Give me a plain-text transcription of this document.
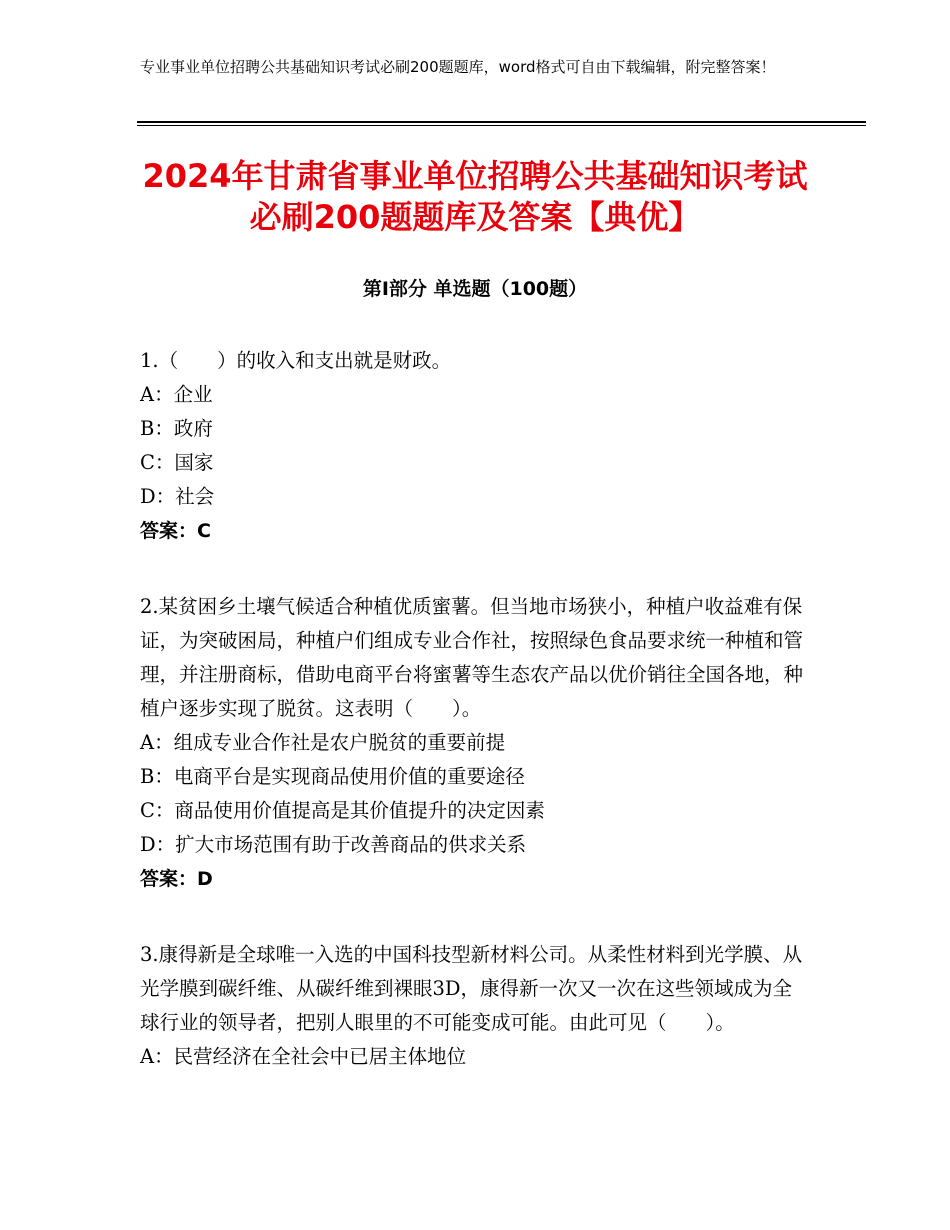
专业事业单位招聘公共基础知识考试必刷200题题库，word格式可自由下载编辑，附完整答案！
2024年甘肃省事业单位招聘公共基础知识考试必刷200题题库及答案【典优】
第Ⅰ部分 单选题（100题）

1.（　　）的收入和支出就是财政。

A：企业

B：政府

C：国家

D：社会

答案：C

2.某贫困乡土壤气候适合种植优质蜜薯。但当地市场狭小，种植户收益难有保证，为突破困局，种植户们组成专业合作社，按照绿色食品要求统一种植和管理，并注册商标，借助电商平台将蜜薯等生态农产品以优价销往全国各地，种植户逐步实现了脱贫。这表明（　　）。

A：组成专业合作社是农户脱贫的重要前提

B：电商平台是实现商品使用价值的重要途径

C：商品使用价值提高是其价值提升的决定因素

D：扩大市场范围有助于改善商品的供求关系

答案：D

3.康得新是全球唯一入选的中国科技型新材料公司。从柔性材料到光学膜、从光学膜到碳纤维、从碳纤维到裸眼3D，康得新一次又一次在这些领域成为全球行业的领导者，把别人眼里的不可能变成可能。由此可见（　　）。

A：民营经济在全社会中已居主体地位
